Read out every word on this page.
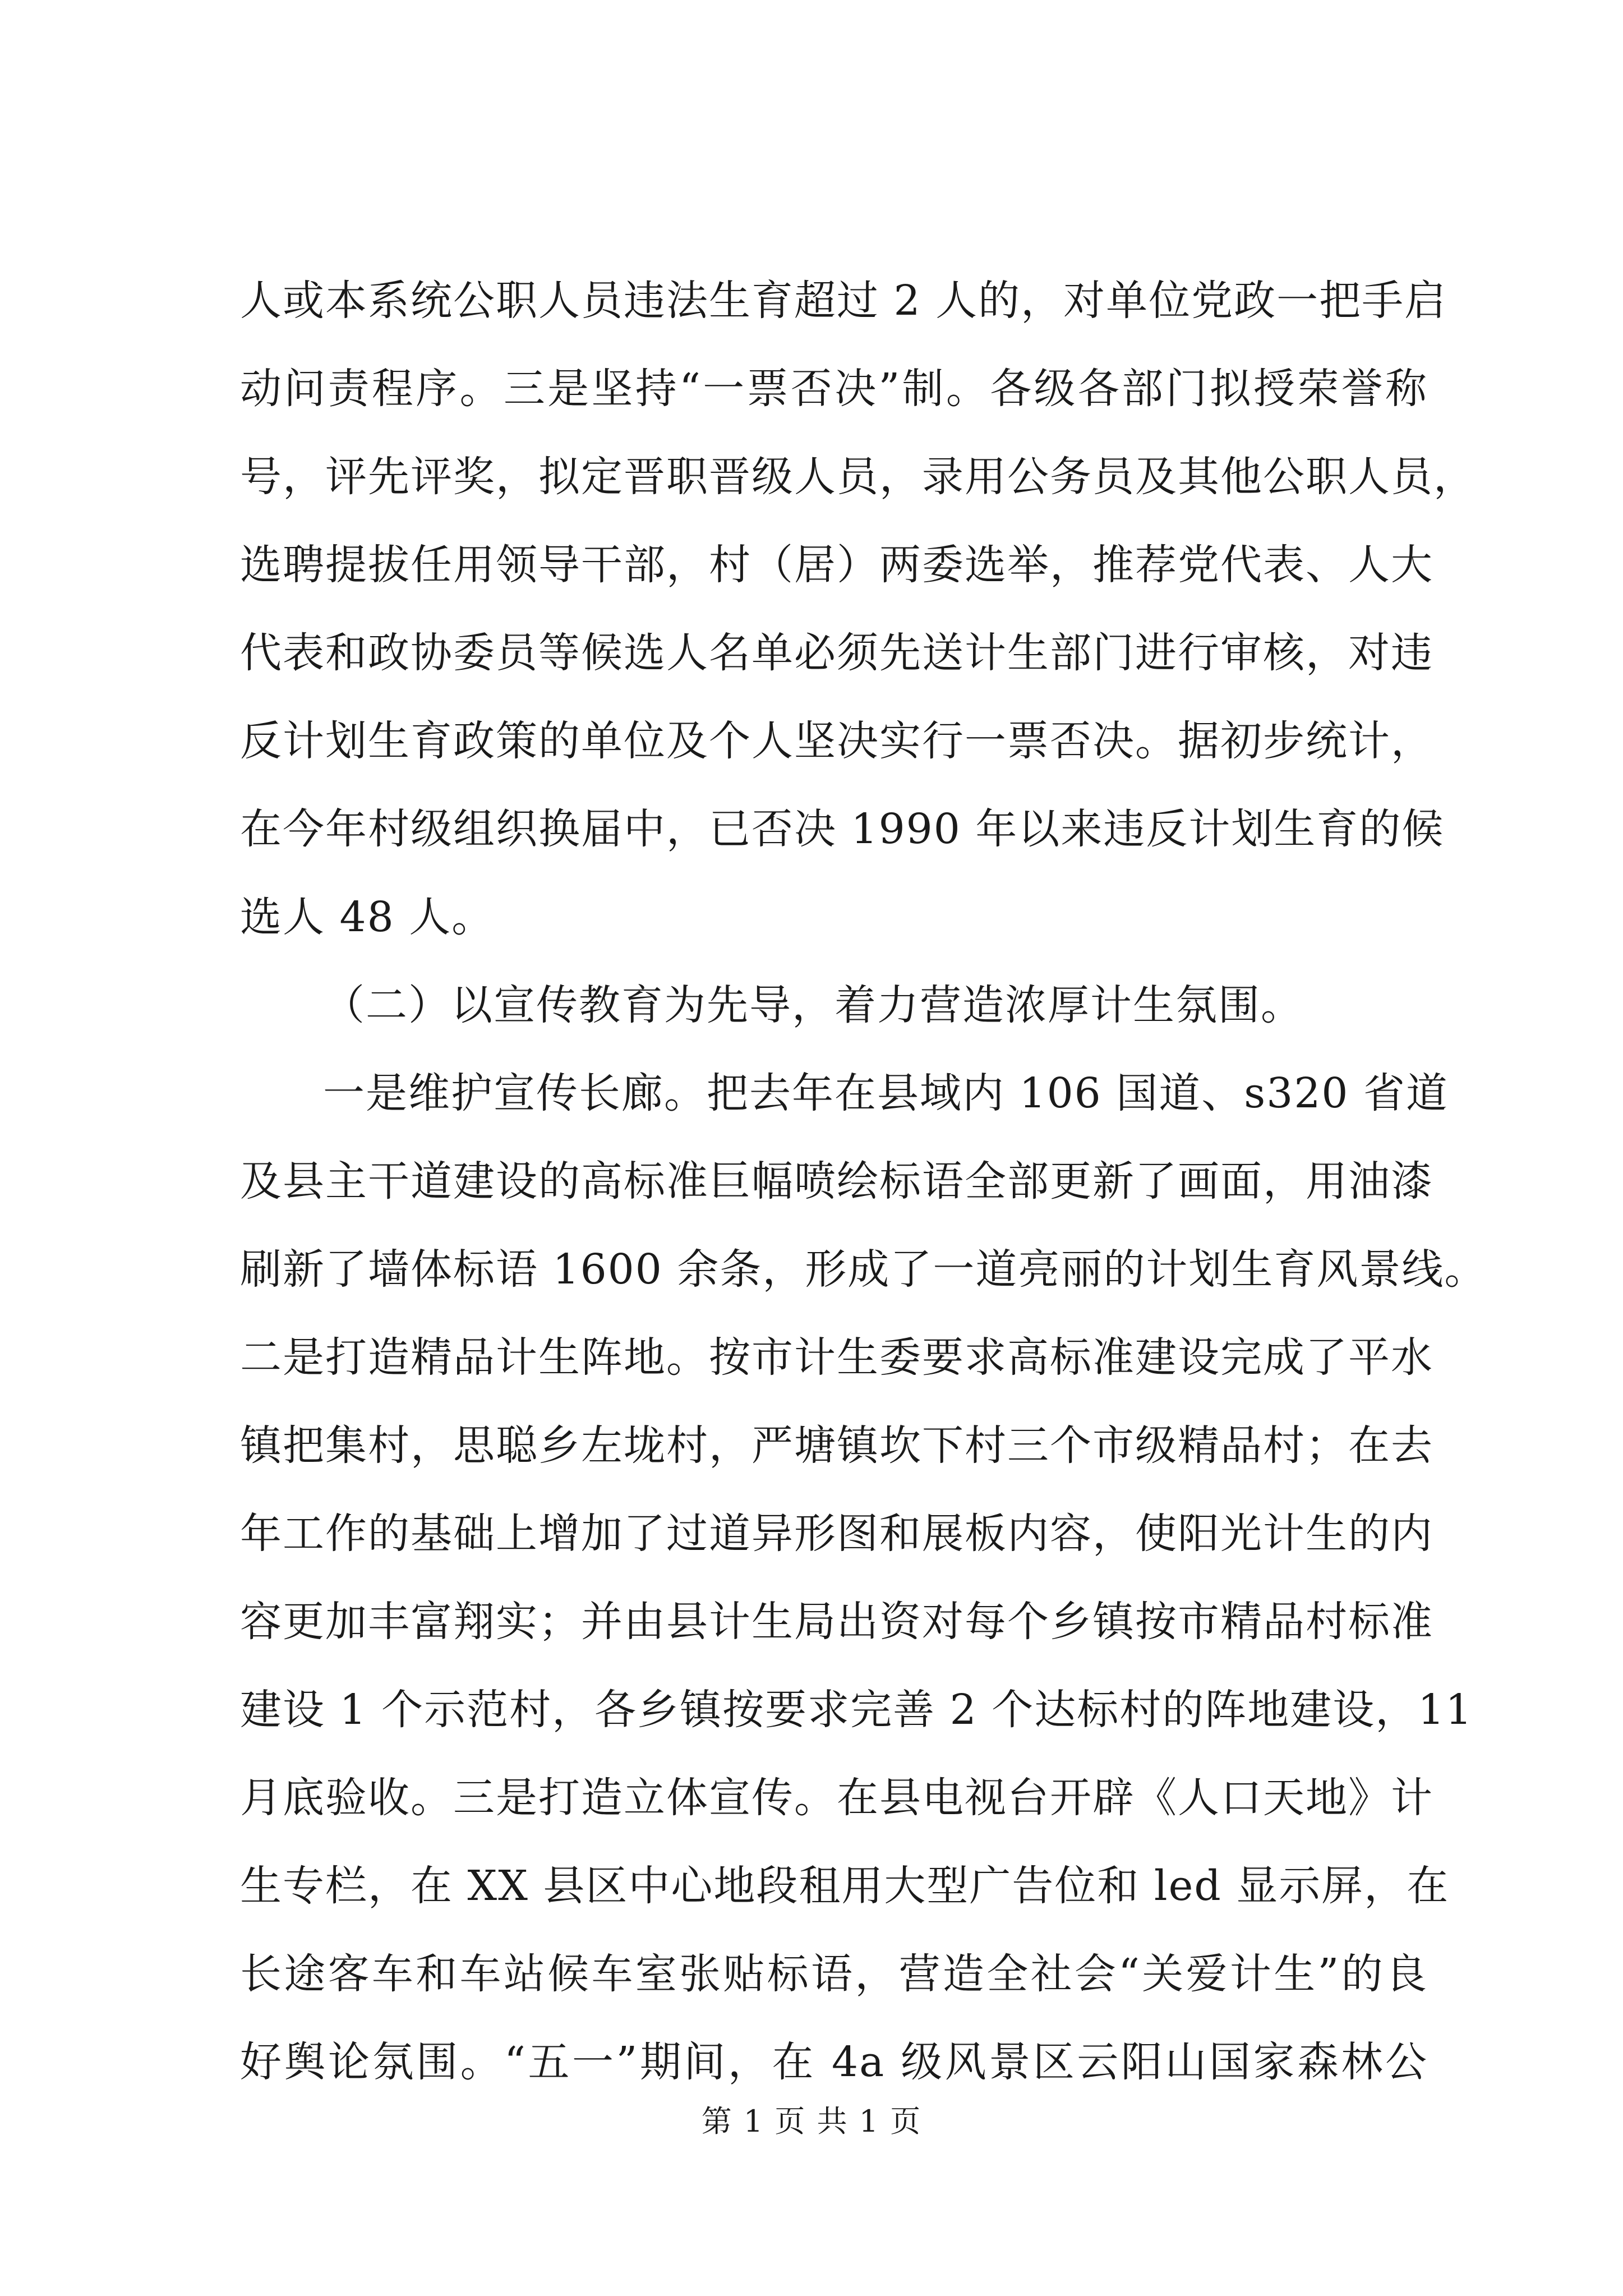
人或本系统公职人员违法生育超过 2 人的，对单位党政一把手启
动问责程序。三是坚持“一票否决”制。各级各部门拟授荣誉称
号，评先评奖，拟定晋职晋级人员，录用公务员及其他公职人员，
选聘提拔任用领导干部，村（居）两委选举，推荐党代表、人大
代表和政协委员等候选人名单必须先送计生部门进行审核，对违
反计划生育政策的单位及个人坚决实行一票否决。据初步统计，
在今年村级组织换届中，已否决 1990 年以来违反计划生育的候
选人 48 人。
（二）以宣传教育为先导，着力营造浓厚计生氛围。
一是维护宣传长廊。把去年在县域内 106 国道、s320 省道
及县主干道建设的高标准巨幅喷绘标语全部更新了画面，用油漆
刷新了墙体标语 1600 余条，形成了一道亮丽的计划生育风景线。
二是打造精品计生阵地。按市计生委要求高标准建设完成了平水
镇把集村，思聪乡左垅村，严塘镇坎下村三个市级精品村；在去
年工作的基础上增加了过道异形图和展板内容，使阳光计生的内
容更加丰富翔实；并由县计生局出资对每个乡镇按市精品村标准
建设 1 个示范村，各乡镇按要求完善 2 个达标村的阵地建设，11
月底验收。三是打造立体宣传。在县电视台开辟《人口天地》计
生专栏，在 XX 县区中心地段租用大型广告位和 led 显示屏，在
长途客车和车站候车室张贴标语，营造全社会“关爱计生”的良
好舆论氛围。“五一”期间，在 4a 级风景区云阳山国家森林公
第 1 页 共 1 页
